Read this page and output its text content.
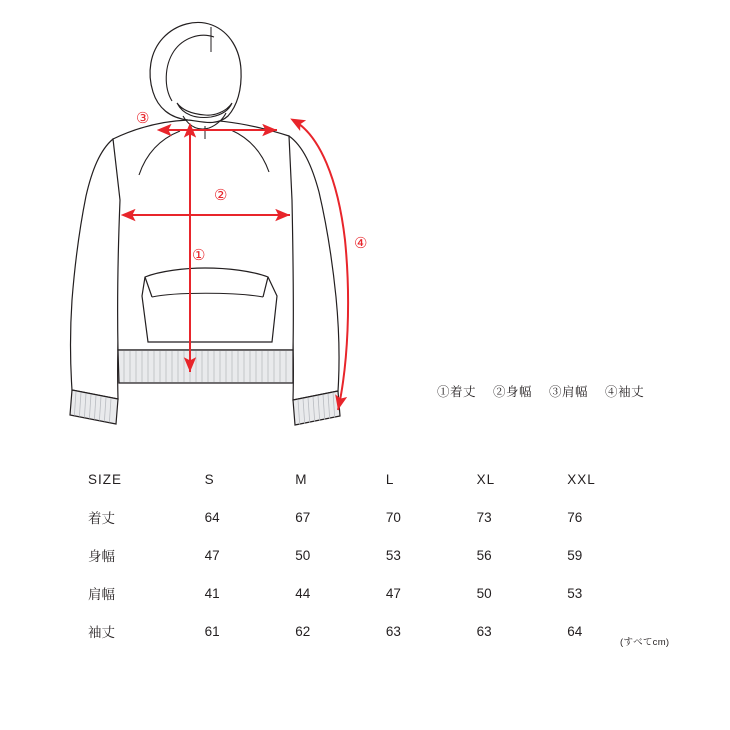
①
②
③
④
①着丈 ②身幅 ③肩幅 ④袖丈
SIZE	S	M	L	XL	XXL
着丈	64	67	70	73	76
身幅	47	50	53	56	59
肩幅	41	44	47	50	53
袖丈	61	62	63	63	64
(すべてcm)
